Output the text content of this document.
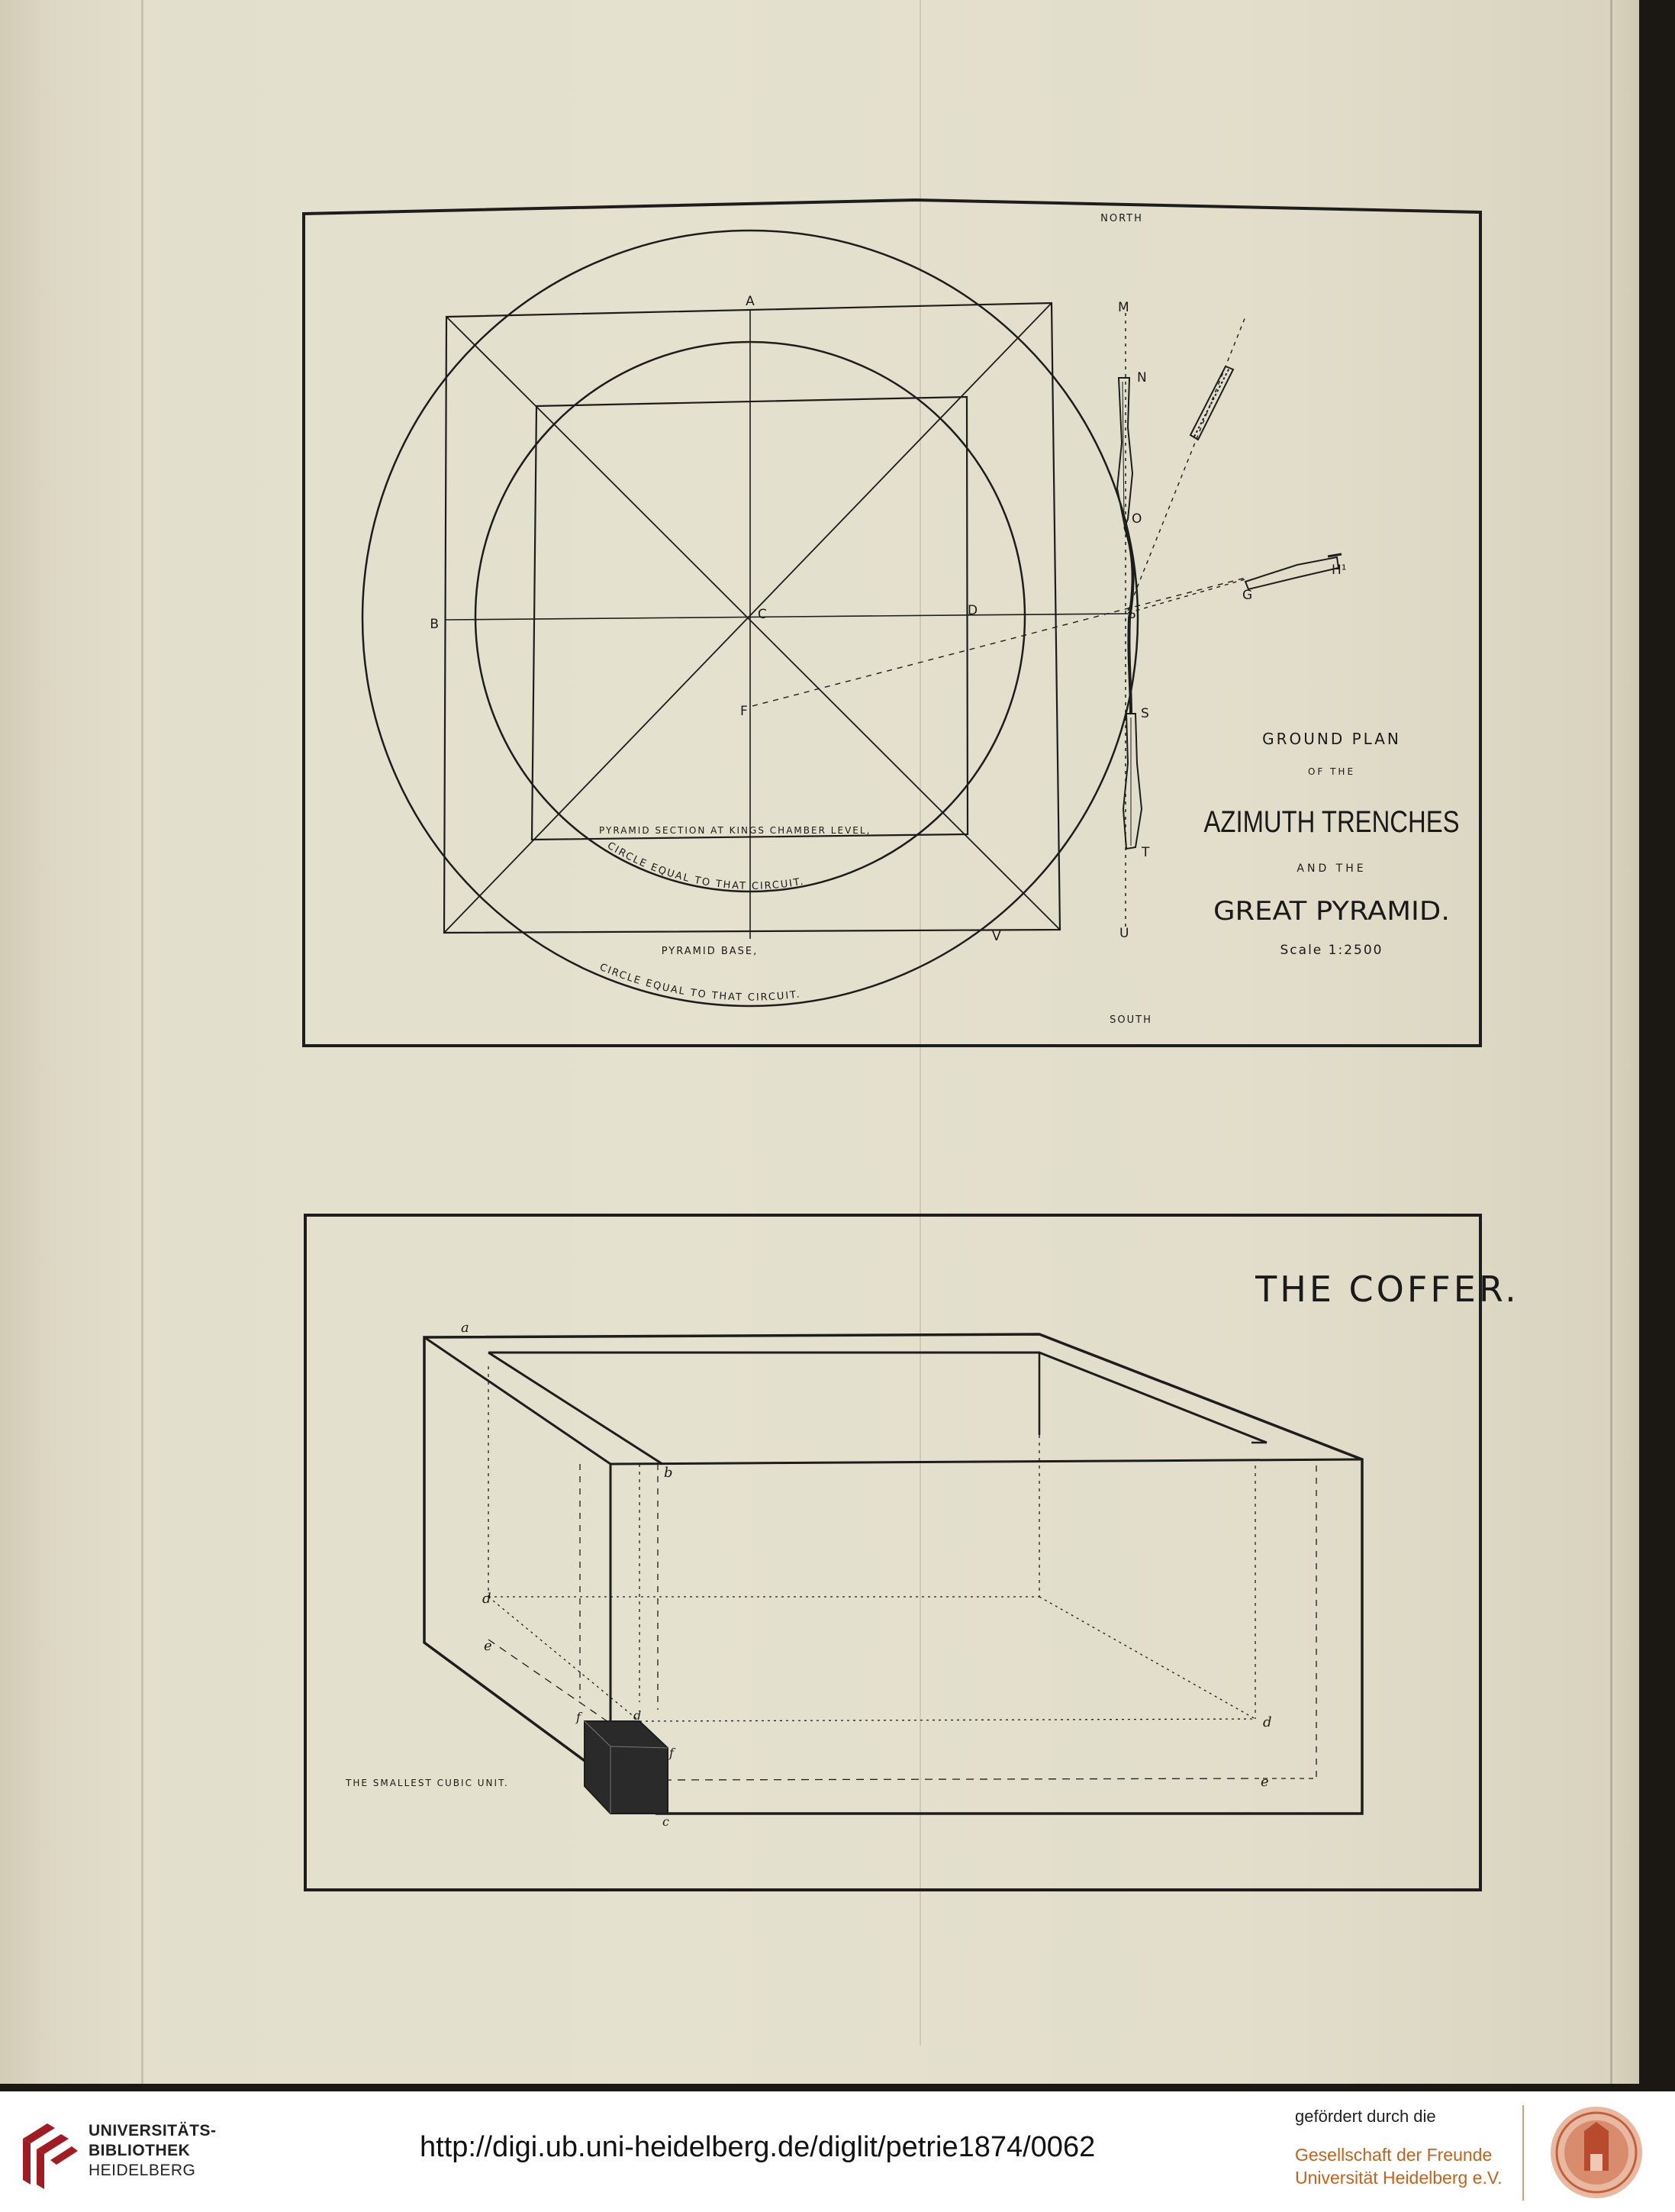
NORTH
SOUTH
A
B
C	D
F
V
M
N
O
P
S
T
U
G
H¹
PYRAMID SECTION AT KINGS CHAMBER LEVEL,
CIRCLE EQUAL TO THAT CIRCUIT.
PYRAMID BASE,
CIRCLE EQUAL TO THAT CIRCUIT.
GROUND PLAN
OF THE
AZIMUTH TRENCHES
AND THE
GREAT PYRAMID.
Scale 1:2500
THE COFFER.
a
b
d
d
d
e
e
f
f
c
THE SMALLEST CUBIC UNIT.
UNIVERSITÄTS-
BIBLIOTHEK
HEIDELBERG
http://digi.ub.uni-heidelberg.de/diglit/petrie1874/0062
gefördert durch die
Gesellschaft der Freunde
Universität Heidelberg e.V.
